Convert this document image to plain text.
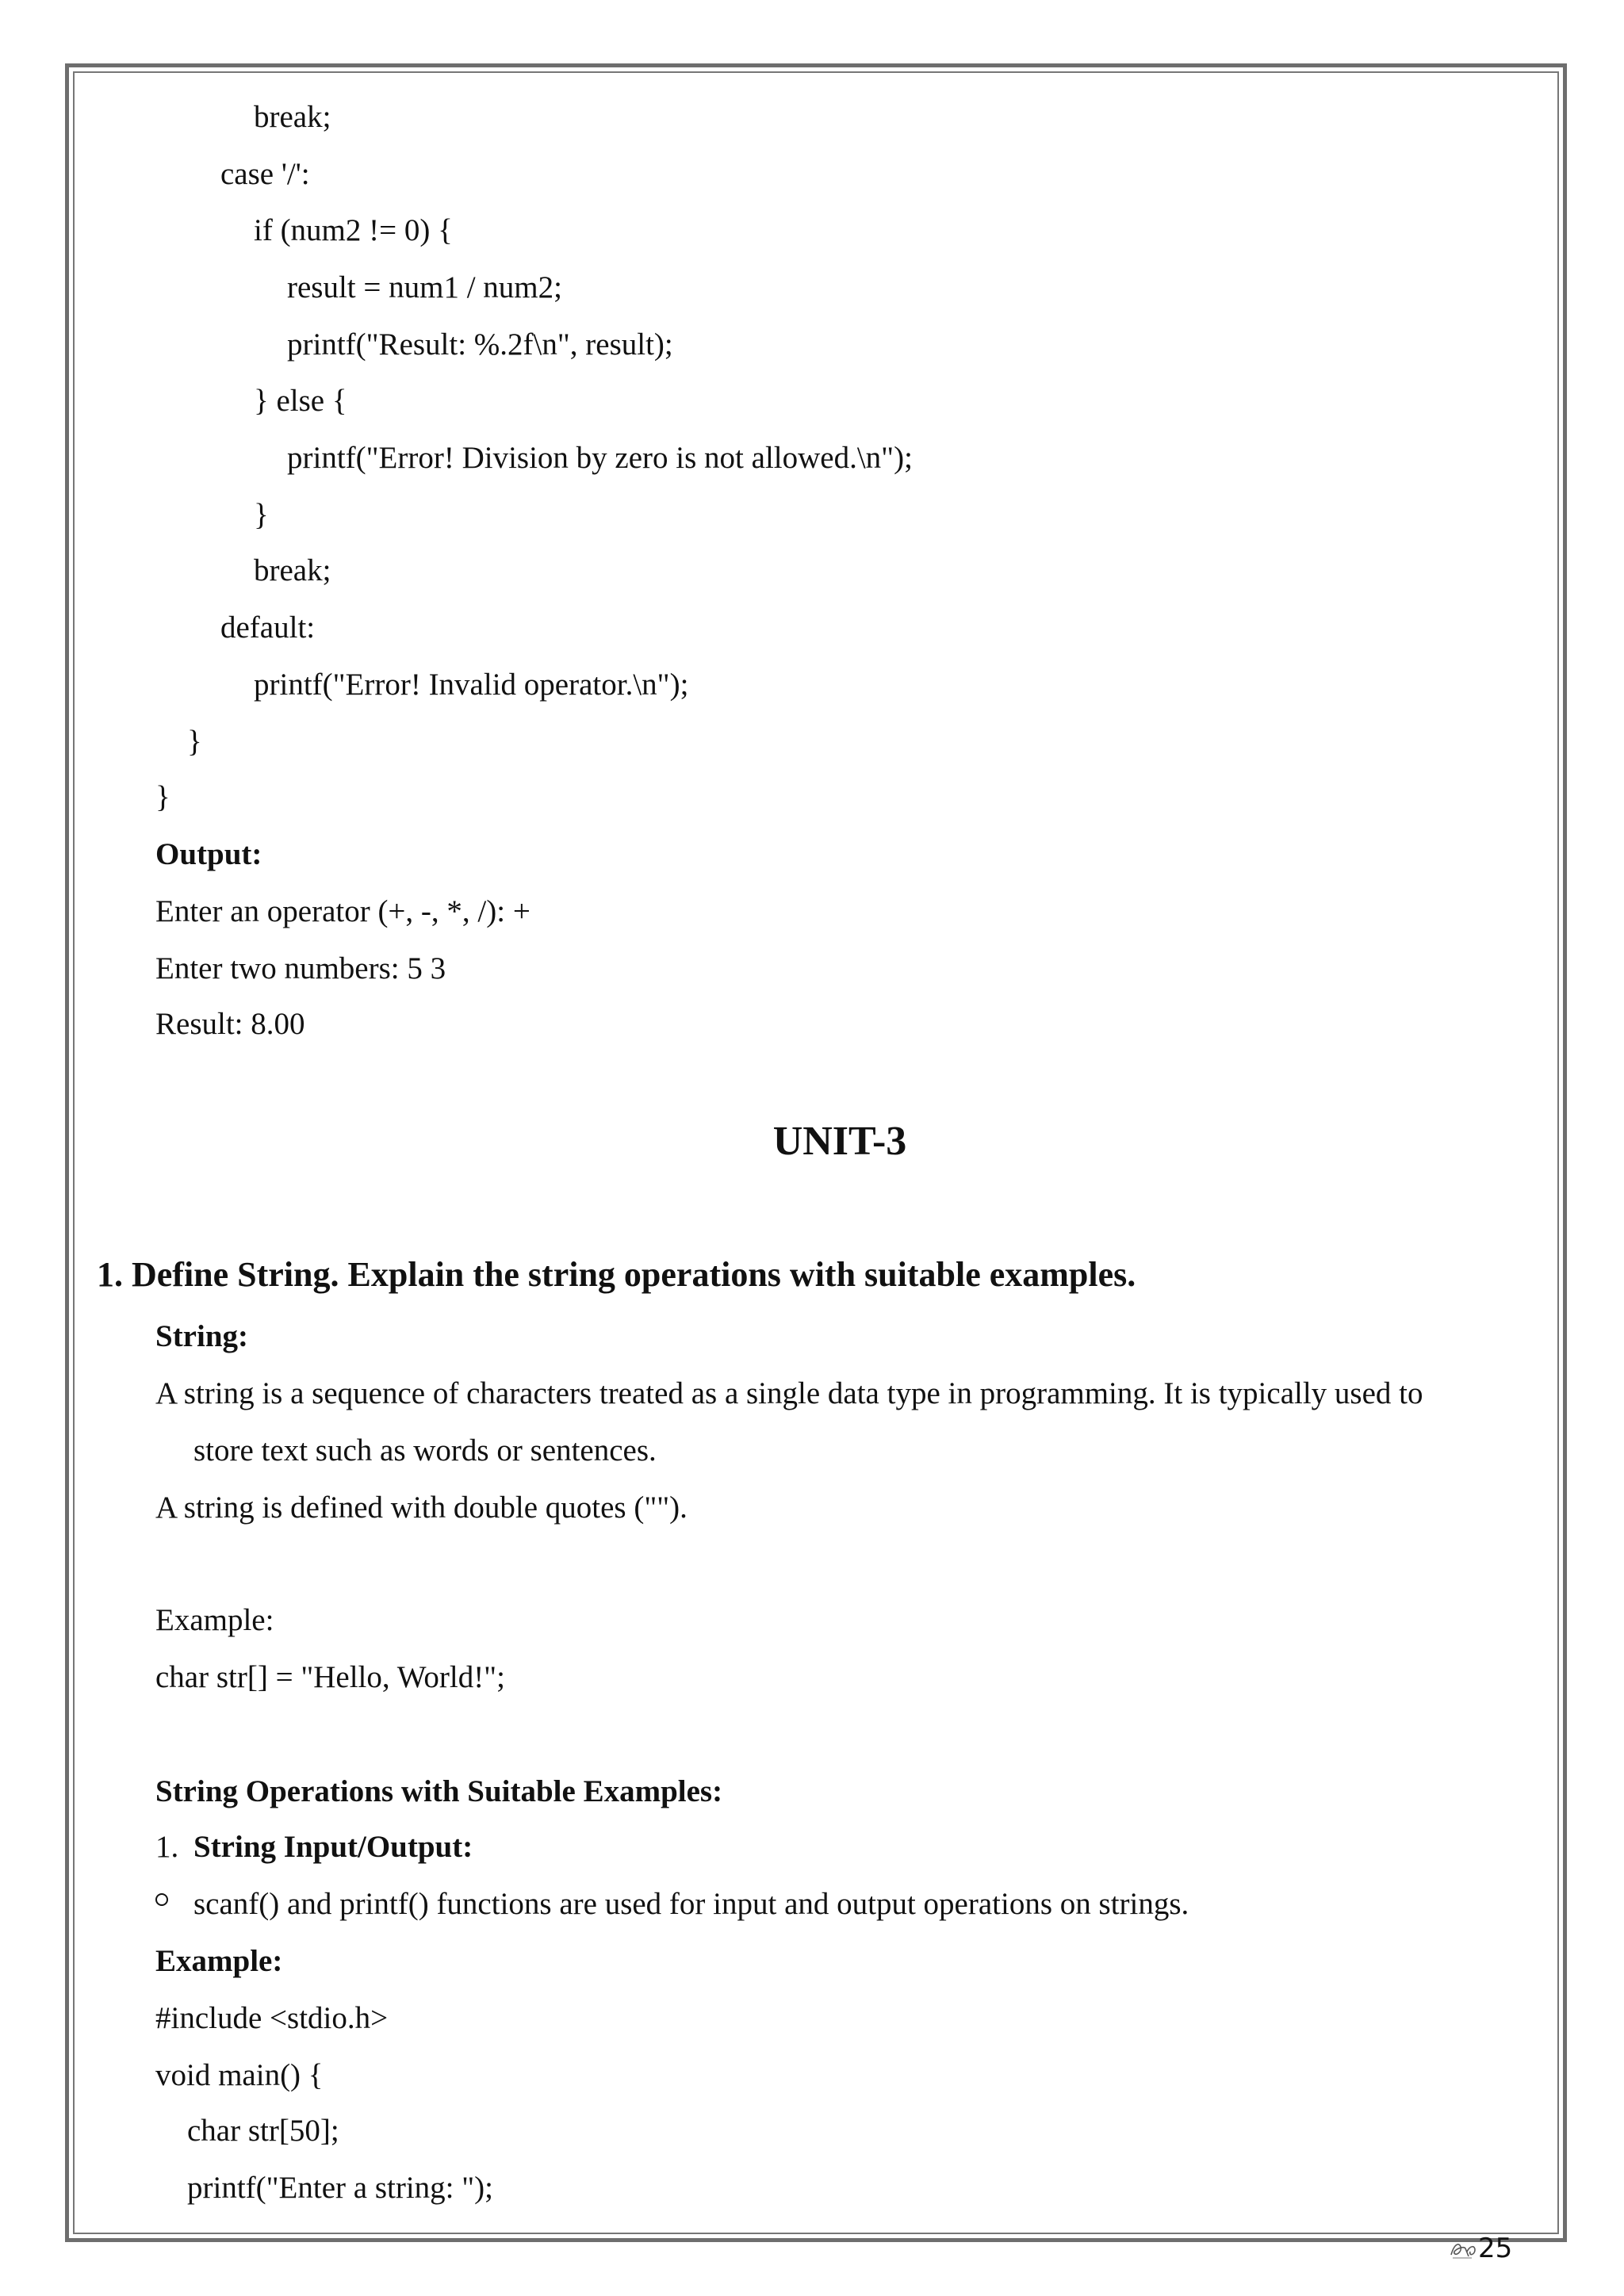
break;
case '/':
if (num2 != 0) {
result = num1 / num2;
printf("Result: %.2f\n", result);
} else {
printf("Error! Division by zero is not allowed.\n");
}
break;
default:
printf("Error! Invalid operator.\n");
}
}
Output:
Enter an operator (+, -, *, /): +
Enter two numbers: 5 3
Result: 8.00
UNIT-3
1. Define String. Explain the string operations with suitable examples.
String:
A string is a sequence of characters treated as a single data type in programming. It is typically used to
store text such as words or sentences.
A string is defined with double quotes ("").
Example:
char str[] = "Hello, World!";
String Operations with Suitable Examples:
1. String Input/Output:
scanf() and printf() functions are used for input and output operations on strings.
Example:
#include <stdio.h>
void main() {
char str[50];
printf("Enter a string: ");
25
